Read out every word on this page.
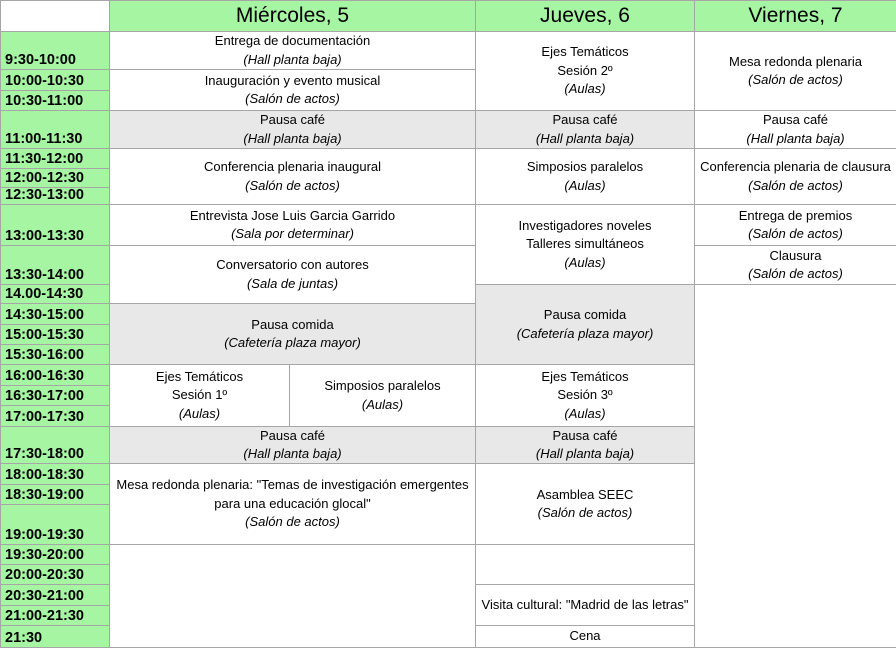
Miércoles, 5	Jueves, 6	Viernes, 7
9:30-10:00
10:00-10:30
10:30-11:00
11:00-11:30
11:30-12:00
12:00-12:30
12:30-13:00
13:00-13:30
13:30-14:00
14.00-14:30
14:30-15:00
15:00-15:30
15:30-16:00
16:00-16:30
16:30-17:00
17:00-17:30
17:30-18:00
18:00-18:30
18:30-19:00
19:00-19:30
19:30-20:00
20:00-20:30
20:30-21:00
21:00-21:30
21:30
Entrega de documentación
(Hall planta baja)
Inauguración y evento musical
(Salón de actos)
Pausa café
(Hall planta baja)
Conferencia plenaria inaugural
(Salón de actos)
Entrevista Jose Luis Garcia Garrido
(Sala por determinar)
Conversatorio con autores
(Sala de juntas)
Pausa comida
(Cafetería plaza mayor)
Ejes Temáticos
Sesión 1º
(Aulas)
Simposios paralelos
(Aulas)
Pausa café
(Hall planta baja)
Mesa redonda plenaria: "Temas de investigación emergentes
para una educación glocal"
(Salón de actos)
Ejes Temáticos
Sesión 2º
(Aulas)
Pausa café
(Hall planta baja)
Simposios paralelos
(Aulas)
Investigadores noveles
Talleres simultáneos
(Aulas)
Pausa comida
(Cafetería plaza mayor)
Ejes Temáticos
Sesión 3º
(Aulas)
Pausa café
(Hall planta baja)
Asamblea SEEC
(Salón de actos)
Visita cultural: "Madrid de las letras"
Cena
Mesa redonda plenaria
(Salón de actos)
Pausa café
(Hall planta baja)
Conferencia plenaria de clausura
(Salón de actos)
Entrega de premios
(Salón de actos)
Clausura
(Salón de actos)
